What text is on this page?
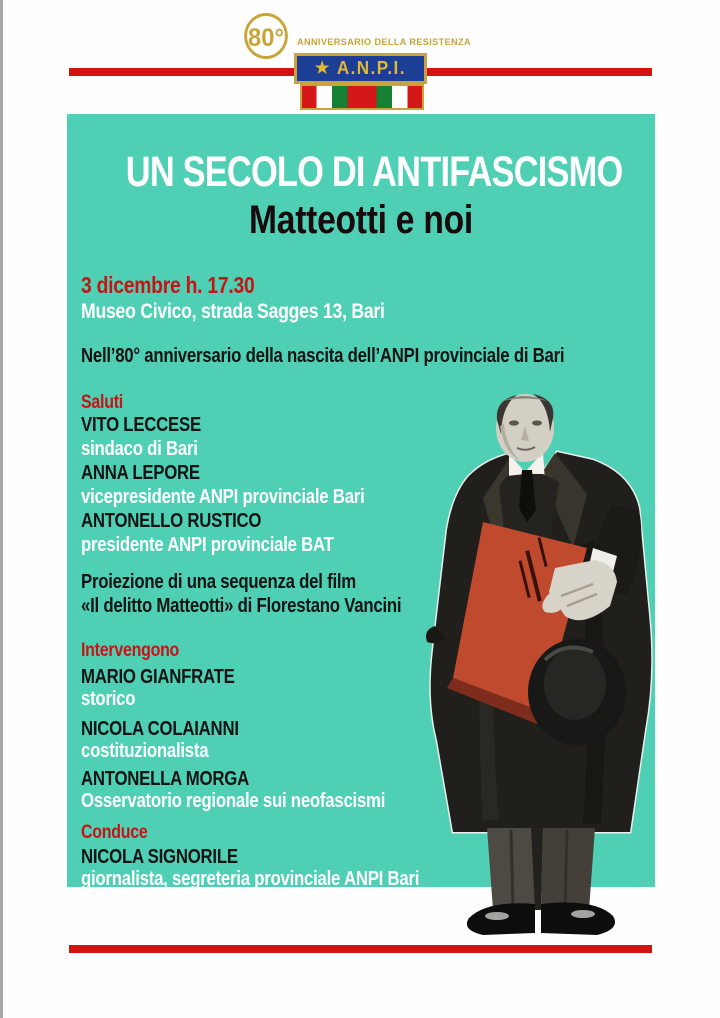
80°	ANNIVERSARIO DELLA RESISTENZA
★ A.N.P.I.
UN SECOLO DI ANTIFASCISMO
Matteotti e noi
3 dicembre h. 17.30
Museo Civico, strada Sagges 13, Bari
Nell’80° anniversario della nascita dell’ANPI provinciale di Bari
Saluti
VITO LECCESE
sindaco di Bari
ANNA LEPORE
vicepresidente ANPI provinciale Bari
ANTONELLO RUSTICO
presidente ANPI provinciale BAT
Proiezione di una sequenza del film
«Il delitto Matteotti» di Florestano Vancini
Intervengono
MARIO GIANFRATE
storico
NICOLA COLAIANNI
costituzionalista
ANTONELLA MORGA
Osservatorio regionale sui neofascismi
Conduce
NICOLA SIGNORILE
giornalista, segreteria provinciale ANPI Bari
